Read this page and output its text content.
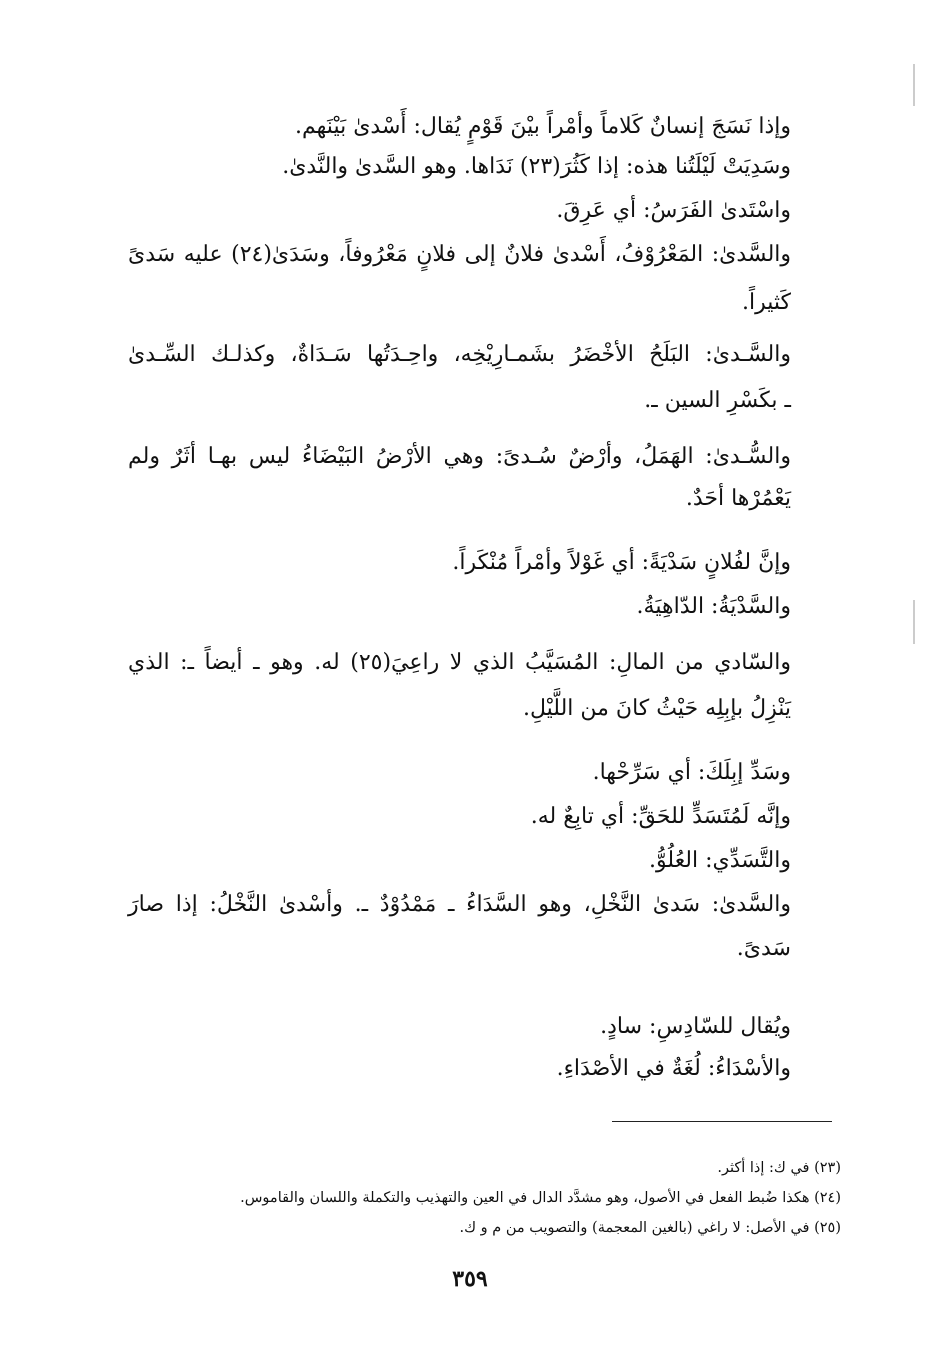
وإذا نَسَجَ إنسانٌ كَلاماً وأمْراً بيْنَ قَوْمٍ يُقال: أَسْدىٰ بَيْنَهم.
وسَدِيَتْ لَيْلَتُنا هذه: إذا كَثُرَ(٢٣) نَدَاها. وهو السَّدىٰ والنَّدىٰ.
واسْتَدىٰ الفَرَسُ: أي عَرِقَ.
والسَّدىٰ: المَعْرُوْفُ، أَسْدىٰ فلانٌ إلى فلانٍ مَعْرُوفاً، وسَدَىٰ(٢٤) عليه سَدىً
كَثيراً.
والسَّـدىٰ: البَلَحُ الأخْضَرُ بشَمـارِيْخِه، واحِـدَتُها سَـدَاةٌ، وكذلـك السِّـدىٰ
ـ بكَسْرِ السين ـ.
والسُّـدىٰ: الهَمَلُ، وأرْضٌ سُـدىً: وهي الأرْضُ البَيْضَاءُ ليس بهـا أثَرٌ ولم
يَعْمُرْها أحَدٌ.
وإنَّ لفُلانٍ سَدْيَةً: أي غَوْلاً وأمْراً مُنْكَراً.
والسَّدْيَةُ: الدّاهِيَةُ.
والسّادي من المالِ: المُسَيَّبُ الذي لا راعِيَ(٢٥) له. وهو ـ أيضاً ـ: الذي
يَنْزِلُ بإبِلِه حَيْثُ كانَ من اللَّيْلِ.
وسَدِّ إبِلَكَ: أي سَرِّحْها.
وإنَّه لَمُتَسَدٍّ للحَقِّ: أي تابِعٌ له.
والتَّسَدِّي: العُلُوُّ.
والسَّدىٰ: سَدىٰ النَّخْلِ، وهو السَّدَاءُ ـ مَمْدُوْدٌ ـ. وأسْدىٰ النَّخْلُ: إذا صارَ
سَدىً.
ويُقال للسّادِسِ: سادٍ.
والأسْدَاءُ: لُغَةٌ في الأصْدَاءِ.
(٢٣) في ك: إذا أكثر.
(٢٤) هكذا ضُبط الفعل في الأصول، وهو مشدَّد الدال في العين والتهذيب والتكملة واللسان والقاموس.
(٢٥) في الأصل: لا راغي (بالغين المعجمة) والتصويب من م و ك.
٣٥٩
